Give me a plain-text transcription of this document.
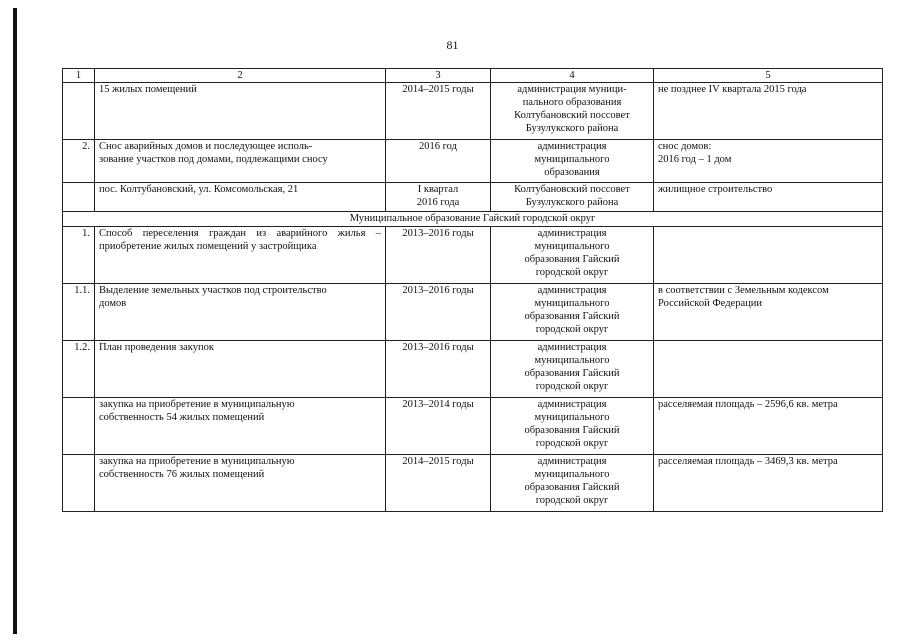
81
1	2	3	4	5
	15 жилых помещений	2014–2015 годы	администрация муници-
пального образования
Колтубановский поссовет
Бузулукского района	не позднее IV квартала 2015 года
2.	Снос аварийных домов и последующее исполь-
зование участков под домами, подлежащими сносу	2016 год	администрация
муниципального
образования	снос домов:
2016 год – 1 дом
	пос. Колтубановский, ул. Комсомольская, 21	I квартал
2016 года	Колтубановский поссовет
Бузулукского района	жилищное строительство
Муниципальное образование Гайский городской округ				
1.	Способ переселения граждан из аварийного жилья – приобретение жилых помещений у застройщика	2013–2016 годы	администрация
муниципального
образования Гайский
городской округ	
1.1.	Выделение земельных участков под строительство
домов	2013–2016 годы	администрация
муниципального
образования Гайский
городской округ	в соответствии с Земельным кодексом
Российской Федерации
1.2.	План проведения закупок	2013–2016 годы	администрация
муниципального
образования Гайский
городской округ	
	закупка на приобретение в муниципальную
собственность 54 жилых помещений	2013–2014 годы	администрация
муниципального
образования Гайский
городской округ	расселяемая площадь – 2596,6 кв. метра
	закупка на приобретение в муниципальную
собственность 76 жилых помещений	2014–2015 годы	администрация
муниципального
образования Гайский
городской округ	расселяемая площадь – 3469,3 кв. метра
